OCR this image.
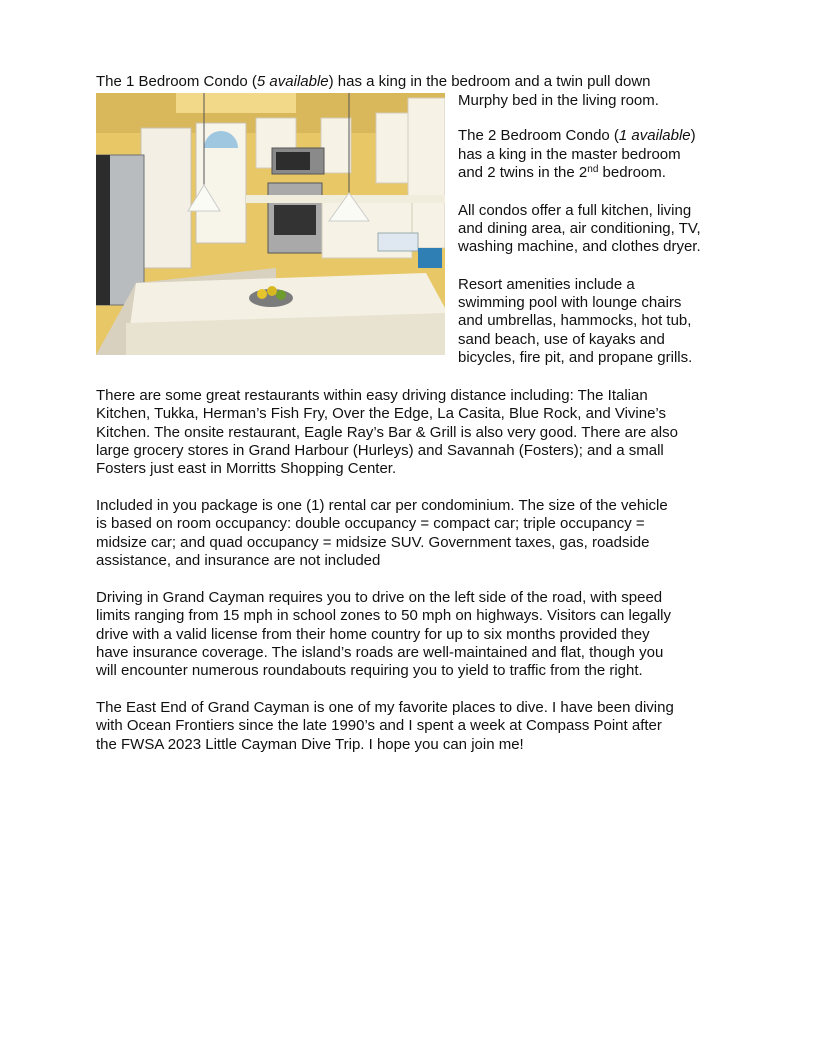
The 1 Bedroom Condo (5 available) has a king in the bedroom and a twin pull down

Murphy bed in the living room.

The 2 Bedroom Condo (1 available)

has a king in the master bedroom

and 2 twins in the 2nd bedroom.

All condos offer a full kitchen, living

and dining area, air conditioning, TV,

washing machine, and clothes dryer.

Resort amenities include a

swimming pool with lounge chairs

and umbrellas, hammocks, hot tub,

sand beach, use of kayaks and

bicycles, fire pit, and propane grills.

There are some great restaurants within easy driving distance including: The Italian

Kitchen, Tukka, Herman’s Fish Fry, Over the Edge, La Casita, Blue Rock, and Vivine’s

Kitchen. The onsite restaurant, Eagle Ray’s Bar & Grill is also very good. There are also

large grocery stores in Grand Harbour (Hurleys) and Savannah (Fosters); and a small

Fosters just east in Morritts Shopping Center.

Included in you package is one (1) rental car per condominium. The size of the vehicle

is based on room occupancy: double occupancy = compact car; triple occupancy =

midsize car; and quad occupancy = midsize SUV. Government taxes, gas, roadside

assistance, and insurance are not included

Driving in Grand Cayman requires you to drive on the left side of the road, with speed

limits ranging from 15 mph in school zones to 50 mph on highways. Visitors can legally

drive with a valid license from their home country for up to six months provided they

have insurance coverage. The island’s roads are well-maintained and flat, though you

will encounter numerous roundabouts requiring you to yield to traffic from the right.

The East End of Grand Cayman is one of my favorite places to dive. I have been diving

with Ocean Frontiers since the late 1990’s and I spent a week at Compass Point after

the FWSA 2023 Little Cayman Dive Trip. I hope you can join me!
